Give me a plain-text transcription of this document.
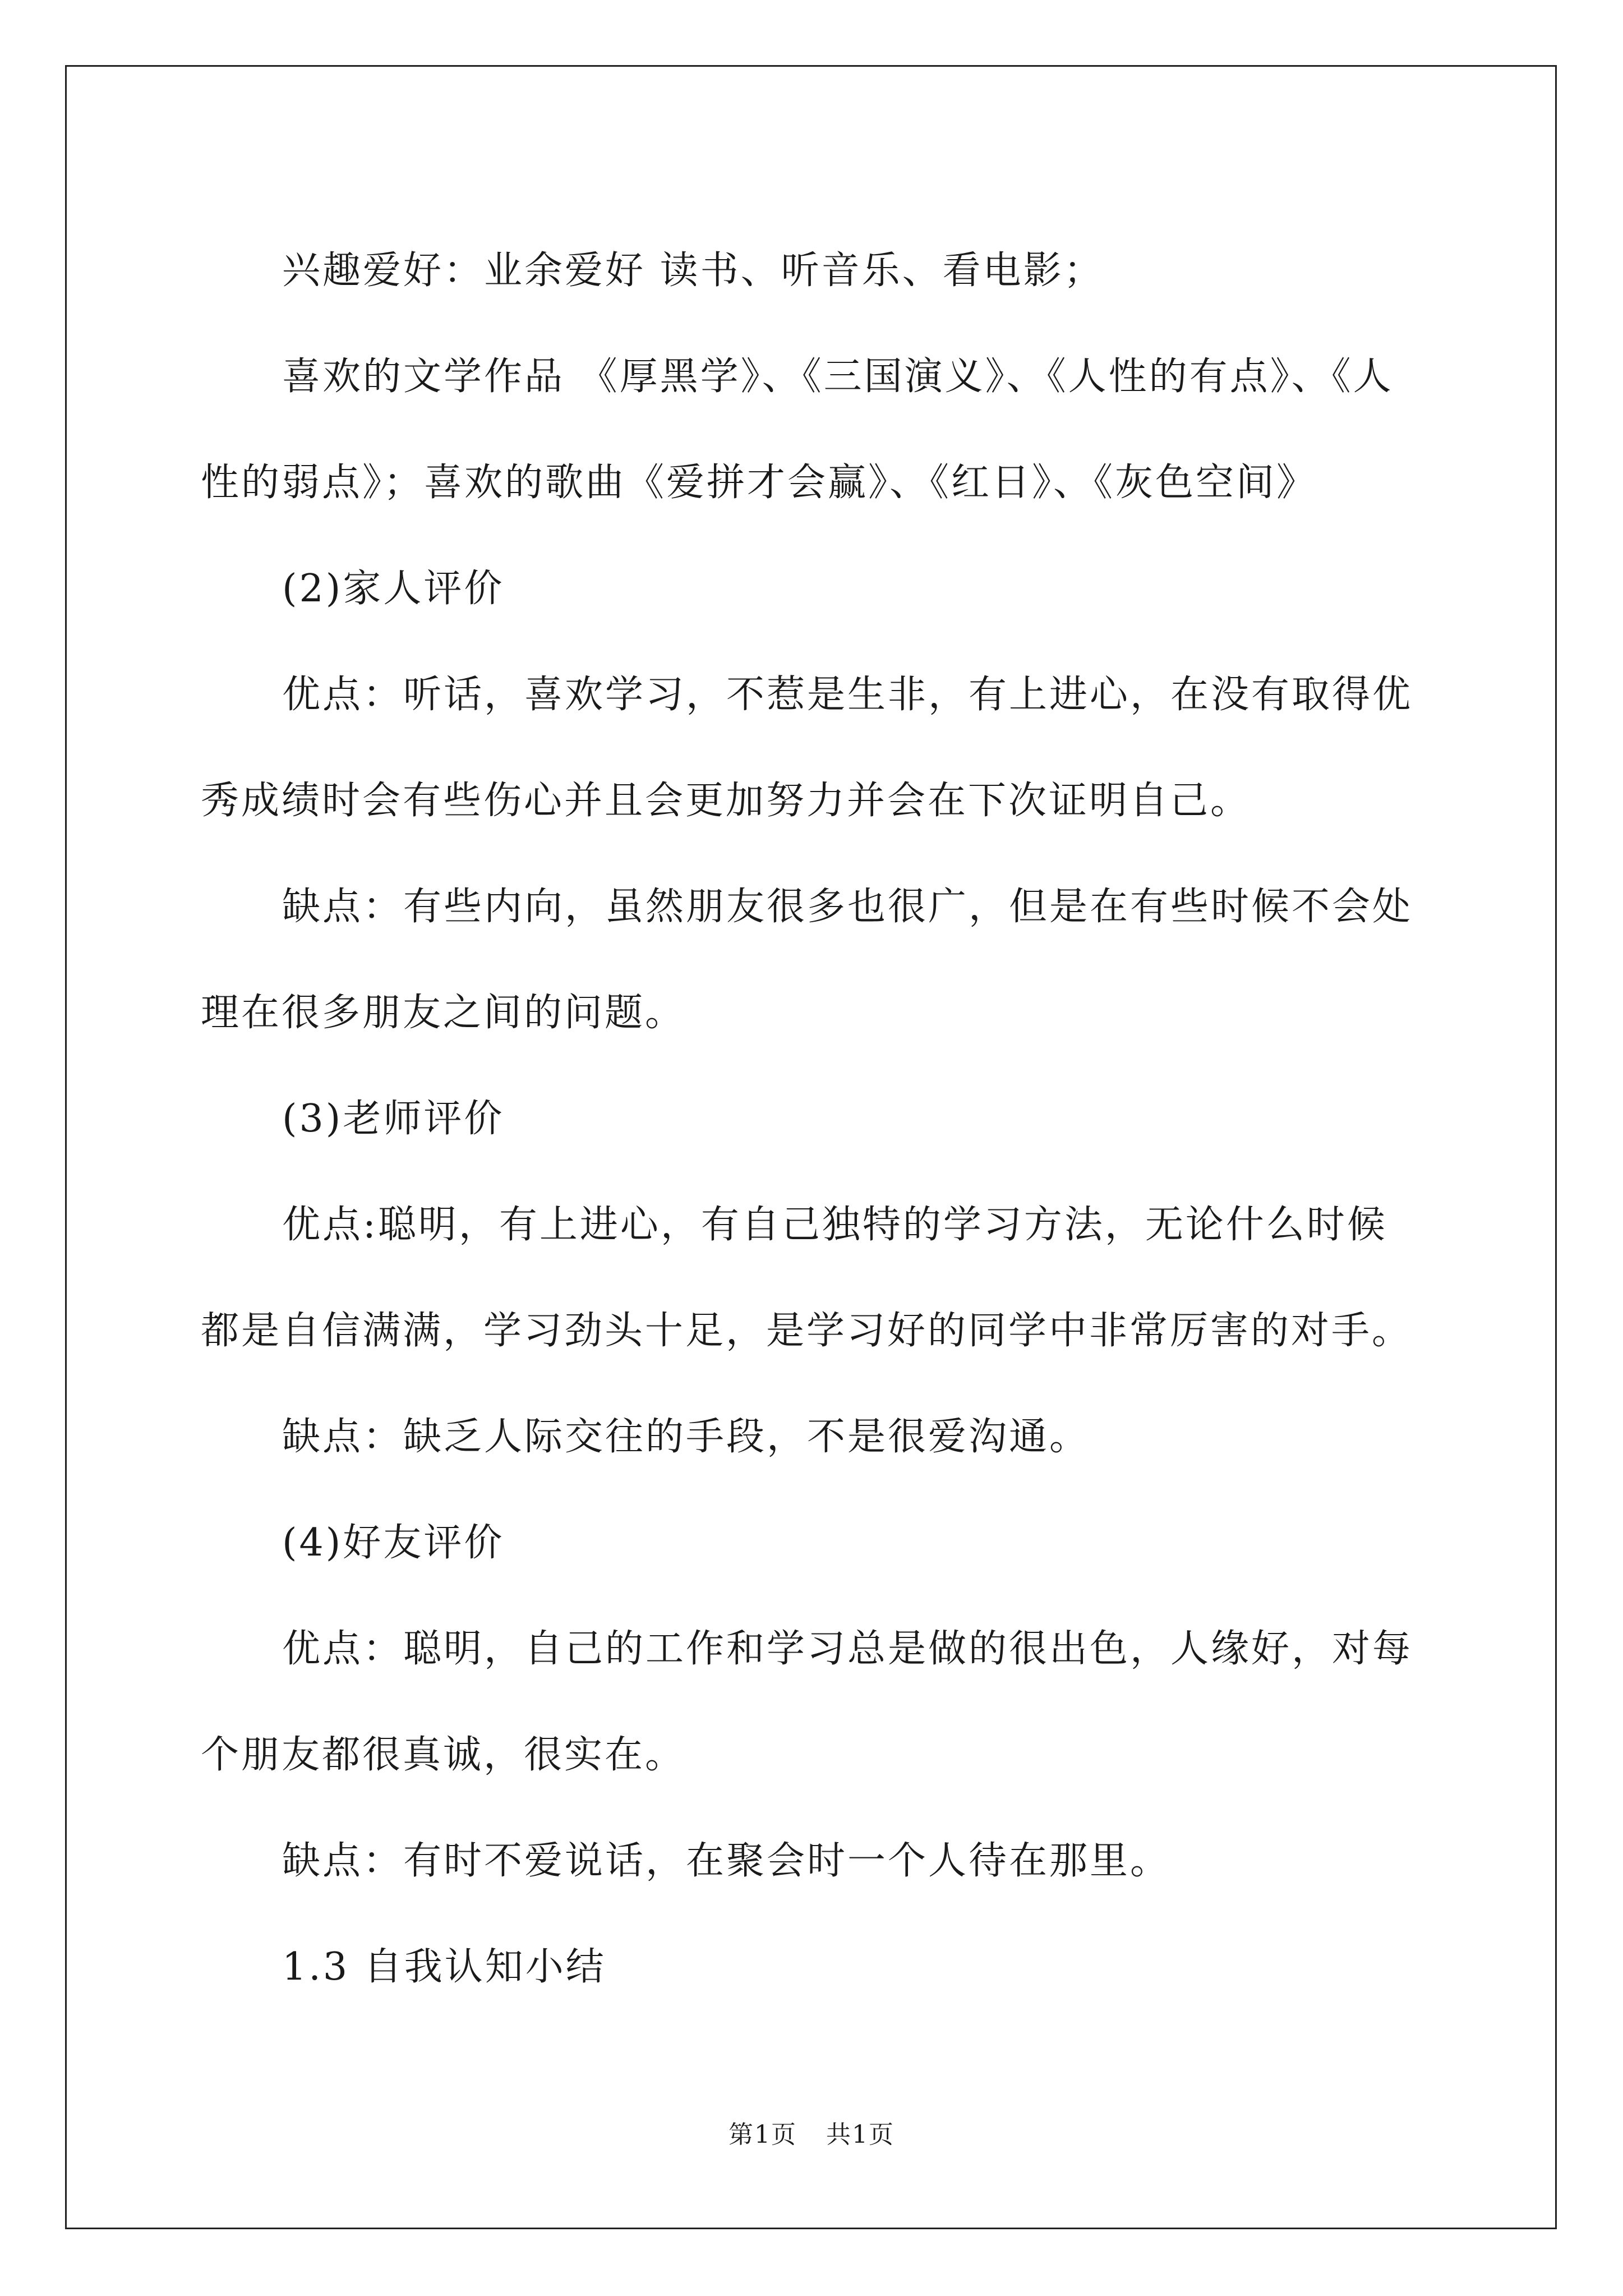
兴趣爱好：业余爱好 读书、听音乐、看电影；

喜欢的文学作品 《厚黑学》、《三国演义》、《人性的有点》、《人性的弱点》；喜欢的歌曲《爱拼才会赢》、《红日》、《灰色空间》

(2)家人评价

优点：听话，喜欢学习，不惹是生非，有上进心，在没有取得优秀成绩时会有些伤心并且会更加努力并会在下次证明自己。

缺点：有些内向，虽然朋友很多也很广，但是在有些时候不会处理在很多朋友之间的问题。

(3)老师评价

优点:聪明，有上进心，有自己独特的学习方法，无论什么时候都是自信满满，学习劲头十足，是学习好的同学中非常厉害的对手。

缺点：缺乏人际交往的手段，不是很爱沟通。

(4)好友评价

优点：聪明，自己的工作和学习总是做的很出色，人缘好，对每个朋友都很真诚，很实在。

缺点：有时不爱说话，在聚会时一个人待在那里。

1.3 自我认知小结

第1页 共1页
